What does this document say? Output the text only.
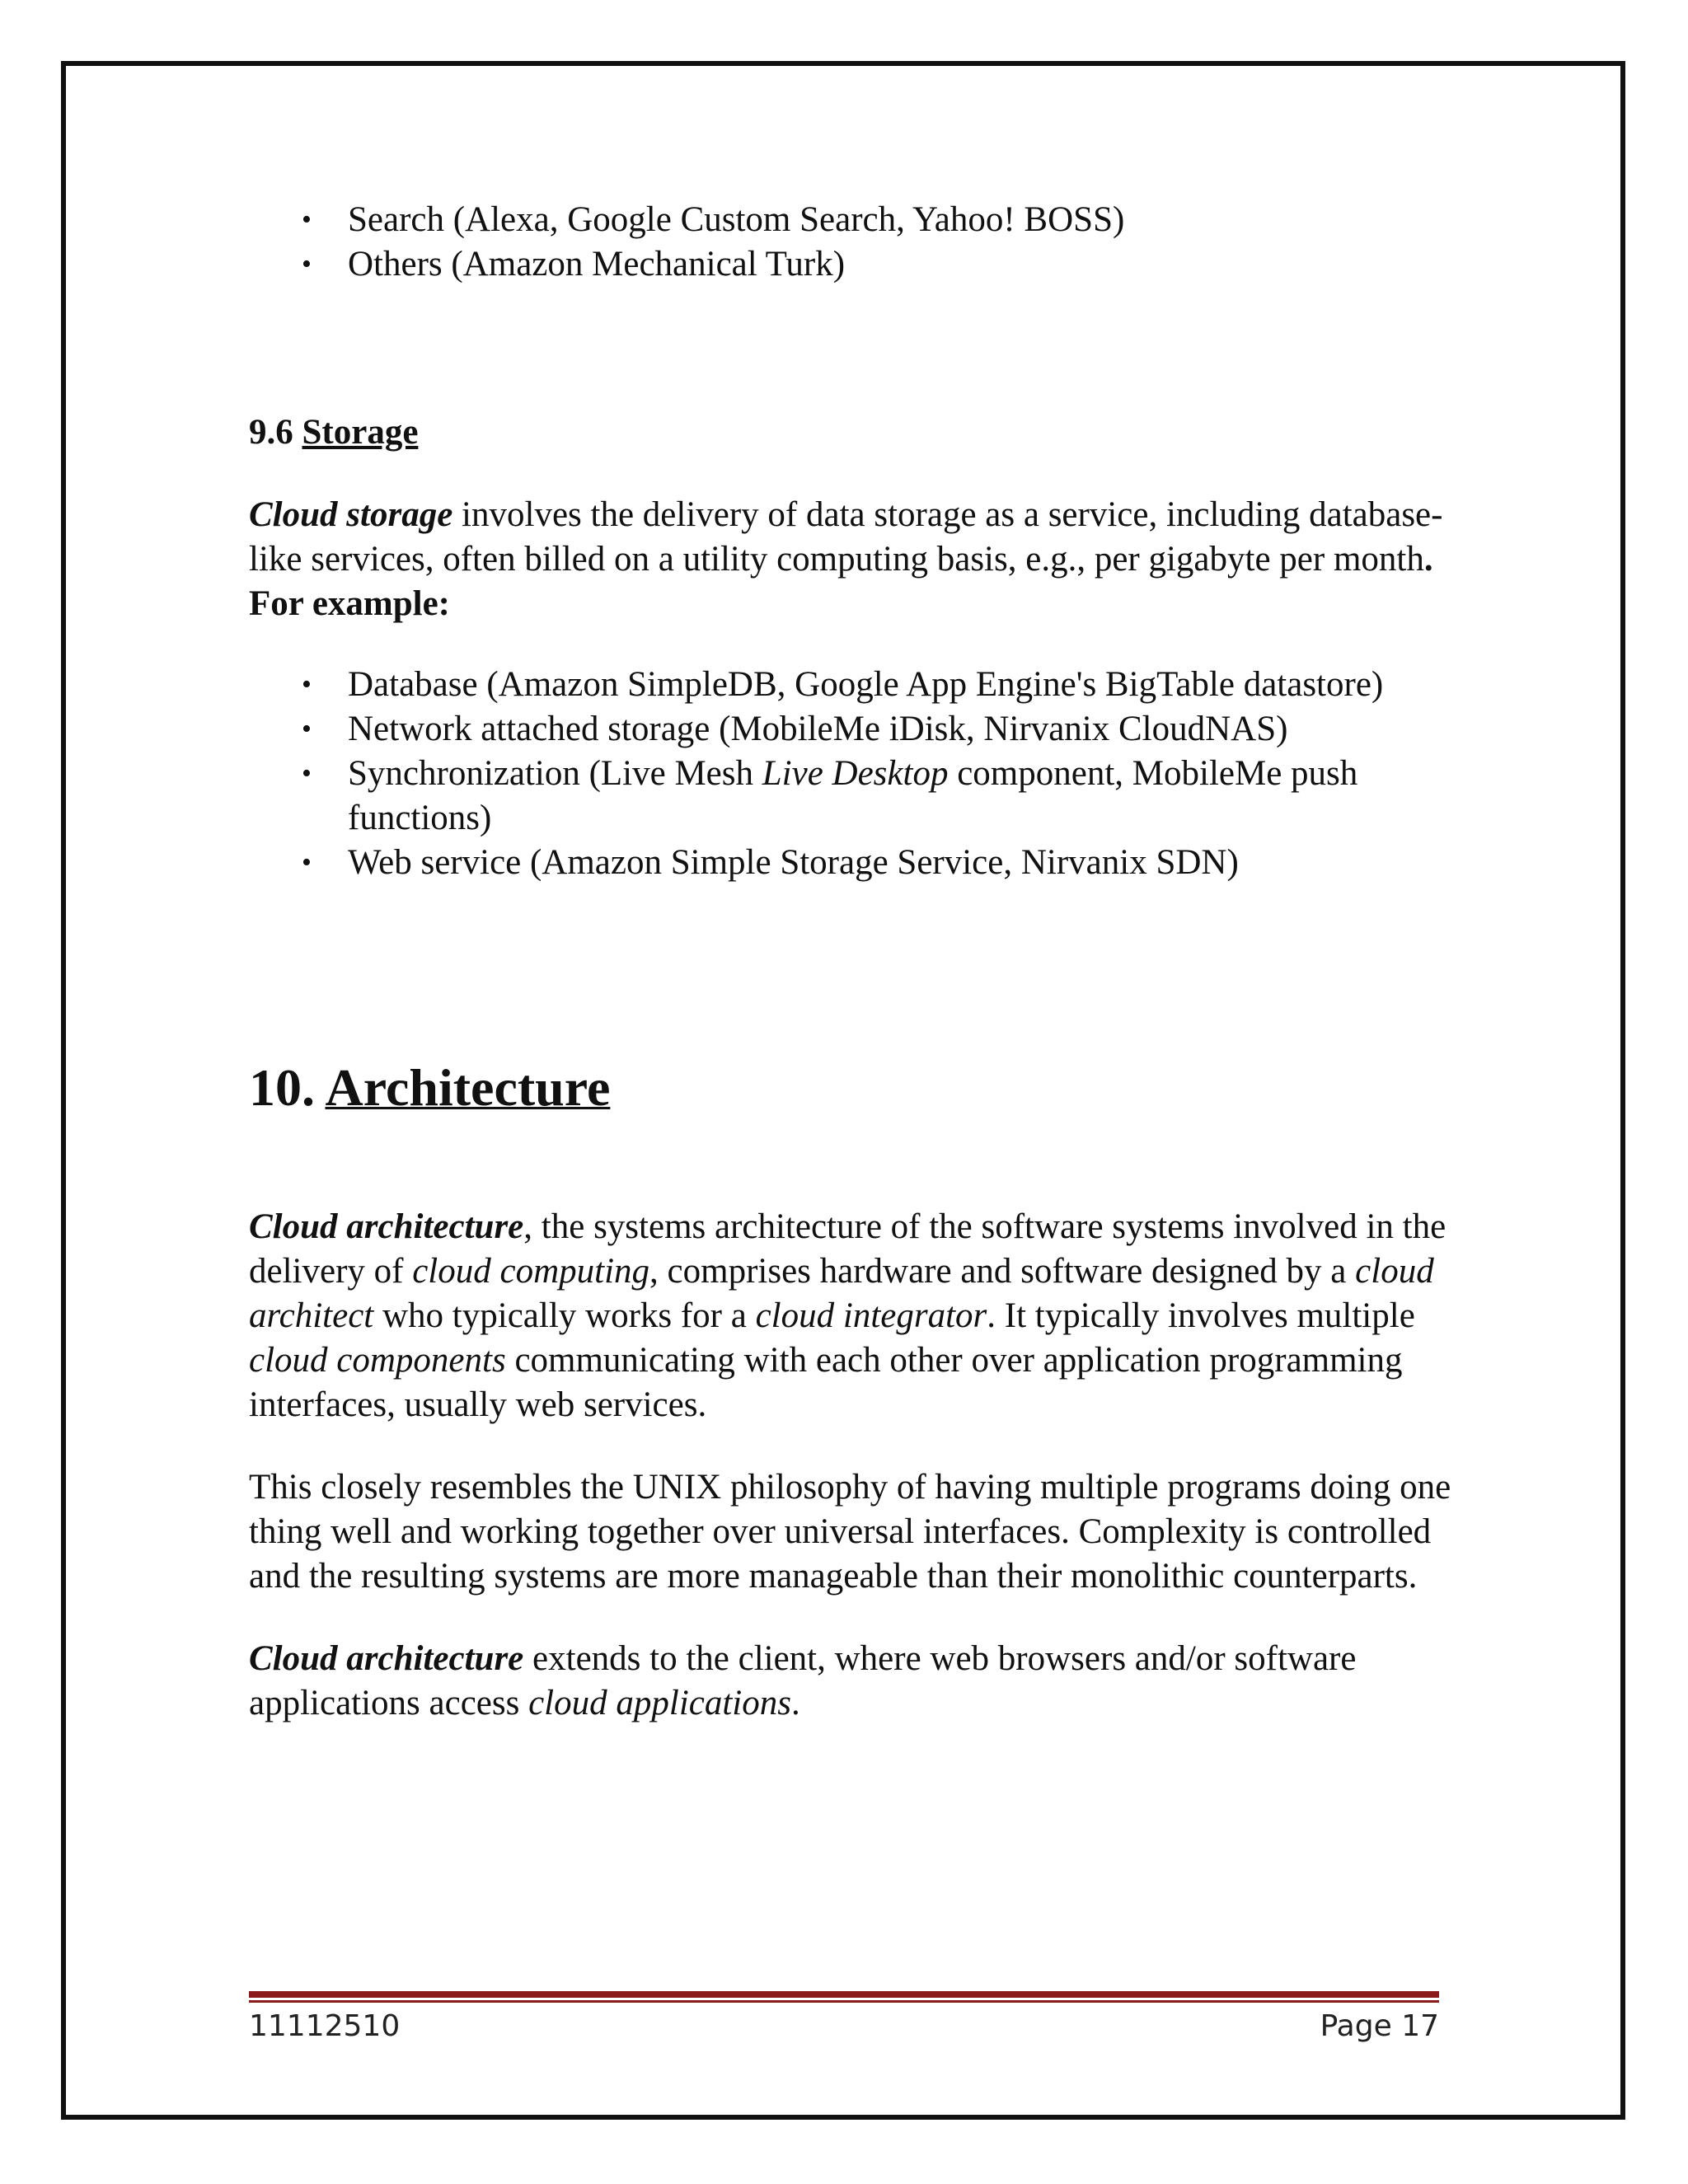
• Search (Alexa, Google Custom Search, Yahoo! BOSS)
• Others (Amazon Mechanical Turk)
9.6 Storage

Cloud storage involves the delivery of data storage as a service, including database-like services, often billed on a utility computing basis, e.g., per gigabyte per month. For example:

• Database (Amazon SimpleDB, Google App Engine's BigTable datastore)
• Network attached storage (MobileMe iDisk, Nirvanix CloudNAS)
• Synchronization (Live Mesh Live Desktop component, MobileMe push functions)
• Web service (Amazon Simple Storage Service, Nirvanix SDN)
10. Architecture

Cloud architecture, the systems architecture of the software systems involved in the delivery of cloud computing, comprises hardware and software designed by a cloud architect who typically works for a cloud integrator. It typically involves multiple cloud components communicating with each other over application programming interfaces, usually web services.

This closely resembles the UNIX philosophy of having multiple programs doing one thing well and working together over universal interfaces. Complexity is controlled and the resulting systems are more manageable than their monolithic counterparts.

Cloud architecture extends to the client, where web browsers and/or software applications access cloud applications.

11112510	Page 17
